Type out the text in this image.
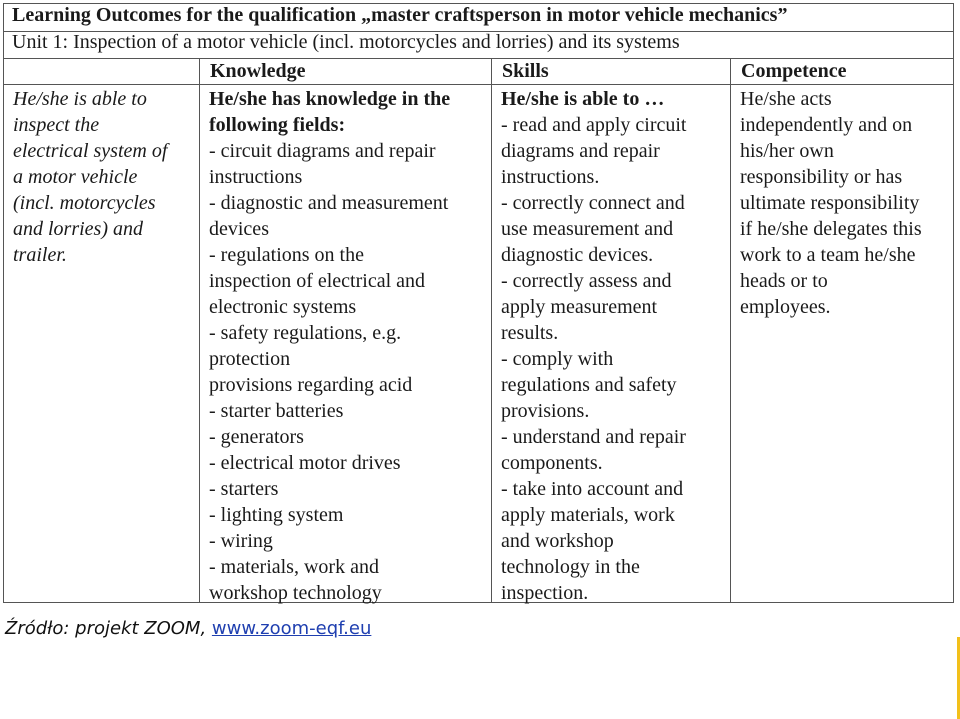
Learning Outcomes for the qualification „master craftsperson in motor vehicle mechanics”
Unit 1: Inspection of a motor vehicle (incl. motorcycles and lorries) and its systems
He/she is able to
inspect the
electrical system of
a motor vehicle
(incl. motorcycles
and lorries) and
trailer.
Knowledge
He/she has knowledge in the
following fields:
- circuit diagrams and repair
instructions
- diagnostic and measurement
devices
- regulations on the
inspection of electrical and
electronic systems
- safety regulations, e.g.
protection
provisions regarding acid
- starter batteries
- generators
- electrical motor drives
- starters
- lighting system
- wiring
- materials, work and
workshop technology
Skills
He/she is able to …
- read and apply circuit
diagrams and repair
instructions.
- correctly connect and
use measurement and
diagnostic devices.
- correctly assess and
apply measurement
results.
- comply with
regulations and safety
provisions.
- understand and repair
components.
- take into account and
apply materials, work
and workshop
technology in the
inspection.
Competence
He/she acts
independently and on
his/her own
responsibility or has
ultimate responsibility
if he/she delegates this
work to a team he/she
heads or to
employees.
Źródło: projekt ZOOM, www.zoom-eqf.eu
